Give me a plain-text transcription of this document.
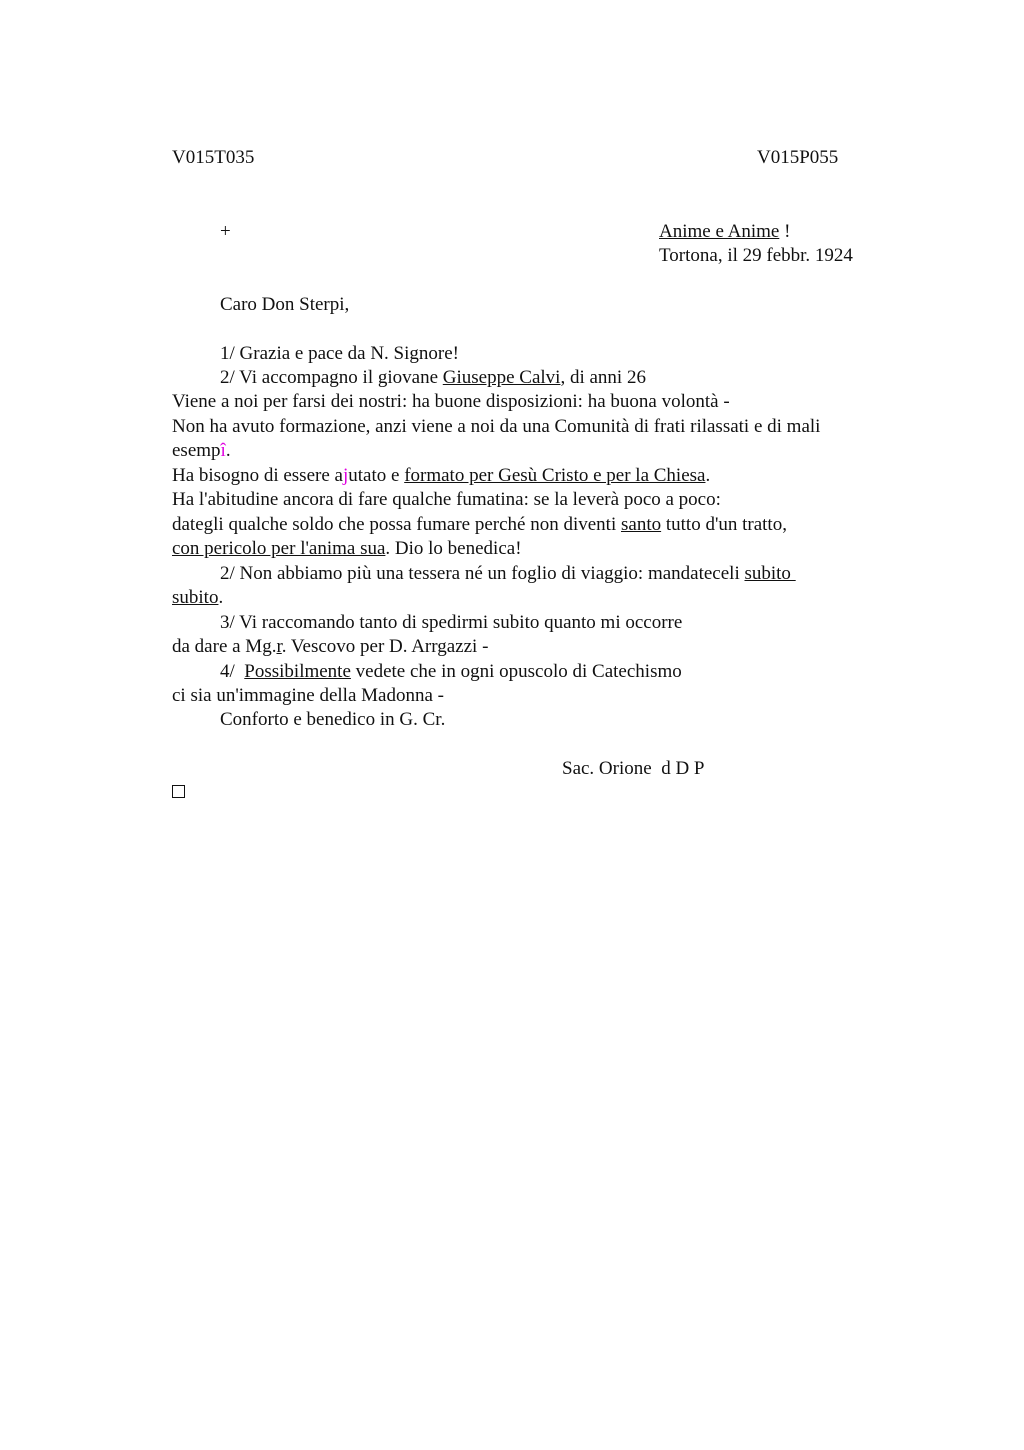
V015T035	V015P055
+	Anime e Anime !
Tortona, il 29 febbr. 1924
Caro Don Sterpi,
1/ Grazia e pace da N. Signore!
2/ Vi accompagno il giovane Giuseppe Calvi, di anni 26
Viene a noi per farsi dei nostri: ha buone disposizioni: ha buona volontà -
Non ha avuto formazione, anzi viene a noi da una Comunità di frati rilassati e di mali
esempî.
Ha bisogno di essere ajutato e formato per Gesù Cristo e per la Chiesa.
Ha l'abitudine ancora di fare qualche fumatina: se la leverà poco a poco:
dategli qualche soldo che possa fumare perché non diventi santo tutto d'un tratto,
con pericolo per l'anima sua. Dio lo benedica!
2/ Non abbiamo più una tessera né un foglio di viaggio: mandateceli subito
subito.
3/ Vi raccomando tanto di spedirmi subito quanto mi occorre
da dare a Mg.r. Vescovo per D. Arrgazzi -
4/  Possibilmente vedete che in ogni opuscolo di Catechismo
ci sia un'immagine della Madonna -
Conforto e benedico in G. Cr.
Sac. Orione  d D P
